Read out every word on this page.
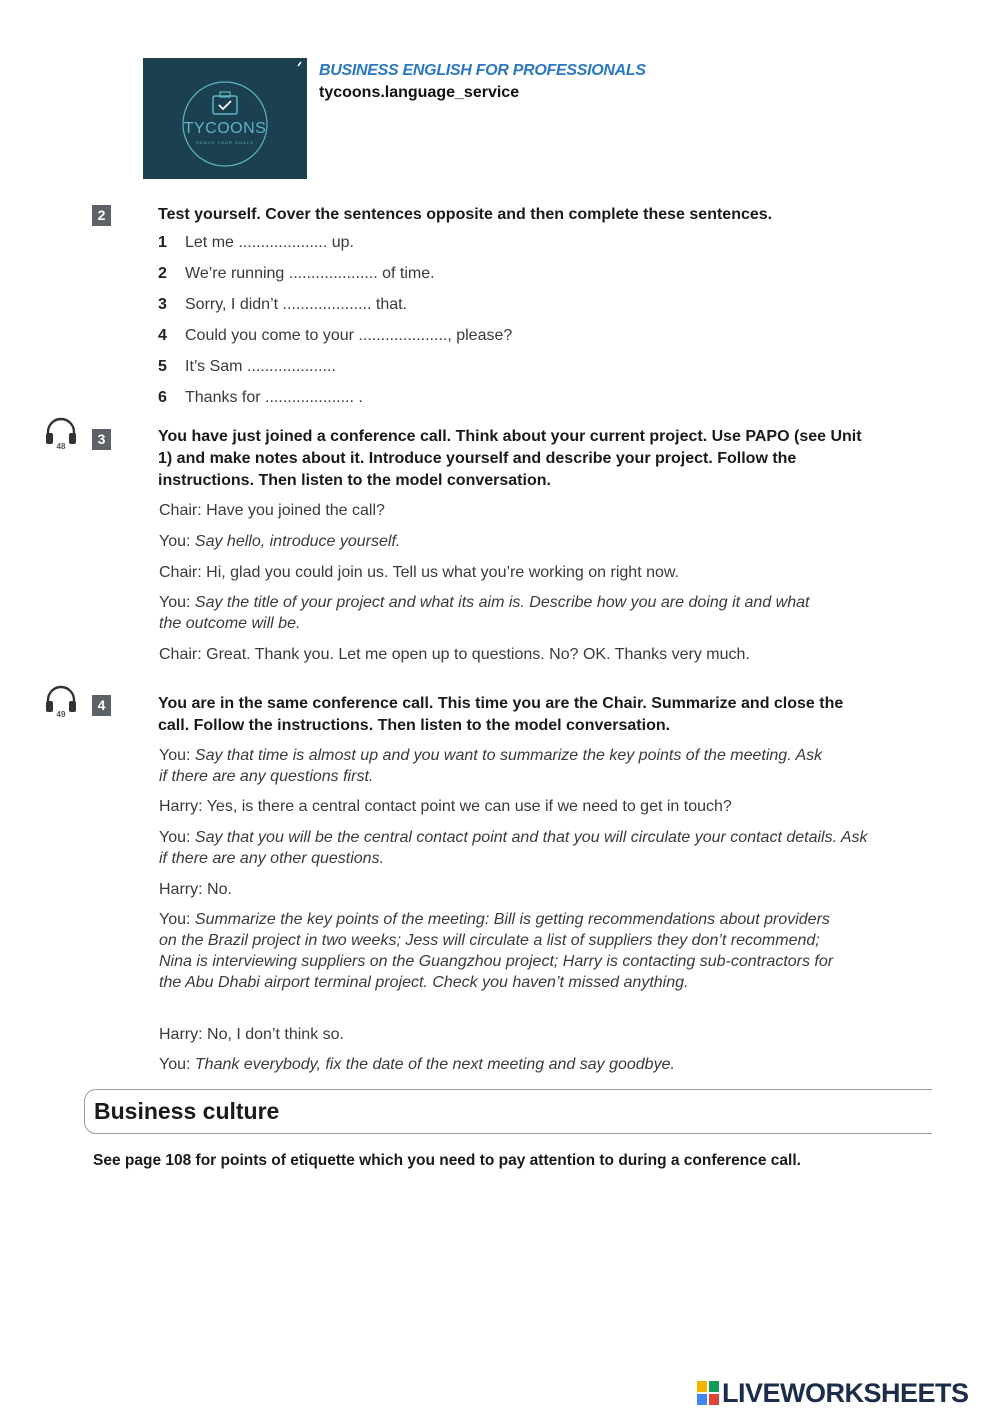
TYCOONS
REACH YOUR GOALS
BUSINESS ENGLISH FOR PROFESSIONALS
tycoons.language_service
2	Test yourself. Cover the sentences opposite and then complete these sentences.
1 Let me .................... up.
2 We’re running .................... of time.
3 Sorry, I didn’t .................... that.
4 Could you come to your ...................., please?
5 It’s Sam ....................
6 Thanks for .................... .
48	3	You have just joined a conference call. Think about your current project. Use PAPO (see Unit 1) and make notes about it. Introduce yourself and describe your project. Follow the instructions. Then listen to the model conversation.
Chair: Have you joined the call?
You: Say hello, introduce yourself.
Chair: Hi, glad you could join us. Tell us what you’re working on right now.
You: Say the title of your project and what its aim is. Describe how you are doing it and what the outcome will be.
Chair: Great. Thank you. Let me open up to questions. No? OK. Thanks very much.
49
4	You are in the same conference call. This time you are the Chair. Summarize and close the call. Follow the instructions. Then listen to the model conversation.
You: Say that time is almost up and you want to summarize the key points of the meeting. Ask if there are any questions first.
Harry: Yes, is there a central contact point we can use if we need to get in touch?
You: Say that you will be the central contact point and that you will circulate your contact details. Ask if there are any other questions.
Harry: No.
You: Summarize the key points of the meeting: Bill is getting recommendations about providers on the Brazil project in two weeks; Jess will circulate a list of suppliers they don’t recommend; Nina is interviewing suppliers on the Guangzhou project; Harry is contacting sub-contractors for the Abu Dhabi airport terminal project. Check you haven’t missed anything.
Harry: No, I don’t think so.
You: Thank everybody, fix the date of the next meeting and say goodbye.
Business culture
See page 108 for points of etiquette which you need to pay attention to during a conference call.
LIVEWORKSHEETS
